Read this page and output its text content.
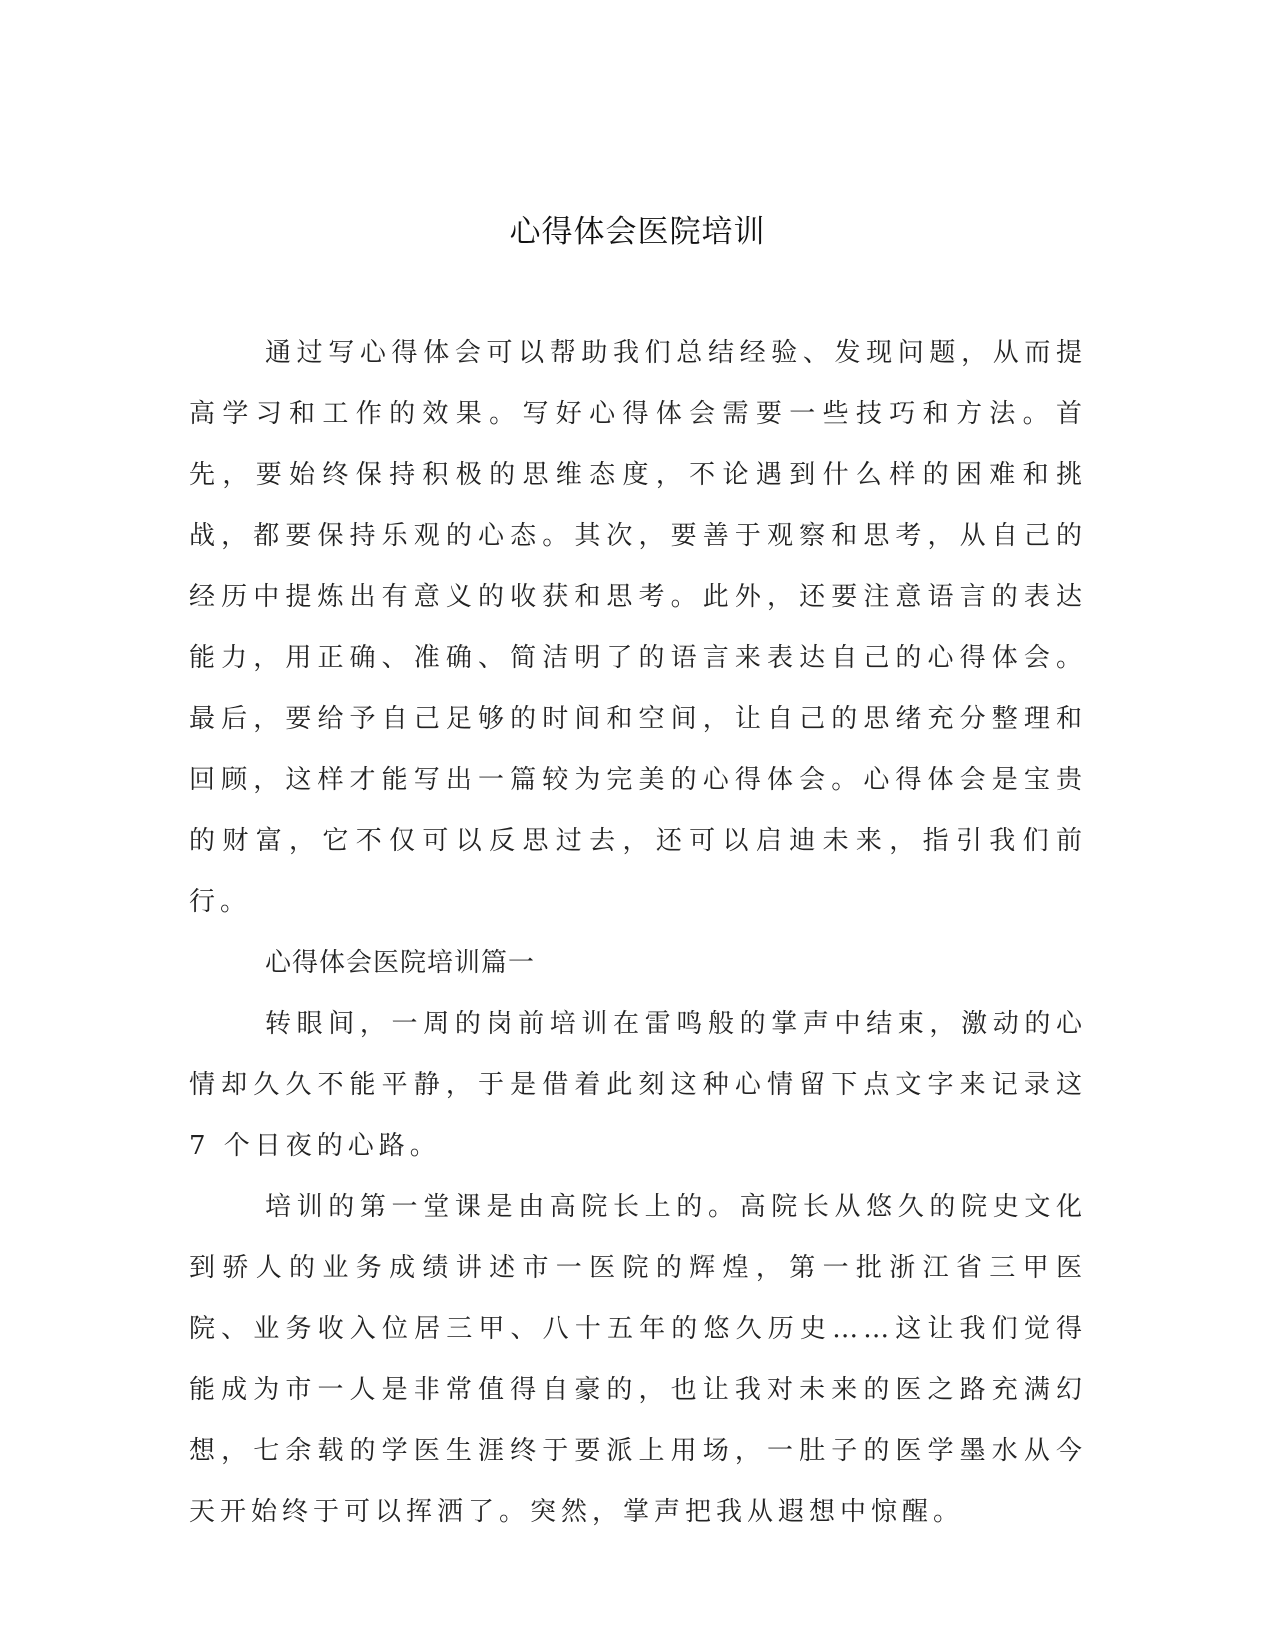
心得体会医院培训

通过写心得体会可以帮助我们总结经验、发现问题，从而提高学习和工作的效果。写好心得体会需要一些技巧和方法。首先，要始终保持积极的思维态度，不论遇到什么样的困难和挑战，都要保持乐观的心态。其次，要善于观察和思考，从自己的经历中提炼出有意义的收获和思考。此外，还要注意语言的表达能力，用正确、准确、简洁明了的语言来表达自己的心得体会。最后，要给予自己足够的时间和空间，让自己的思绪充分整理和回顾，这样才能写出一篇较为完美的心得体会。心得体会是宝贵的财富，它不仅可以反思过去，还可以启迪未来，指引我们前行。

心得体会医院培训篇一

转眼间，一周的岗前培训在雷鸣般的掌声中结束，激动的心情却久久不能平静，于是借着此刻这种心情留下点文字来记录这 7 个日夜的心路。

培训的第一堂课是由高院长上的。高院长从悠久的院史文化到骄人的业务成绩讲述市一医院的辉煌，第一批浙江省三甲医院、业务收入位居三甲、八十五年的悠久历史……这让我们觉得能成为市一人是非常值得自豪的，也让我对未来的医之路充满幻想，七余载的学医生涯终于要派上用场，一肚子的医学墨水从今天开始终于可以挥洒了。突然，掌声把我从遐想中惊醒。
